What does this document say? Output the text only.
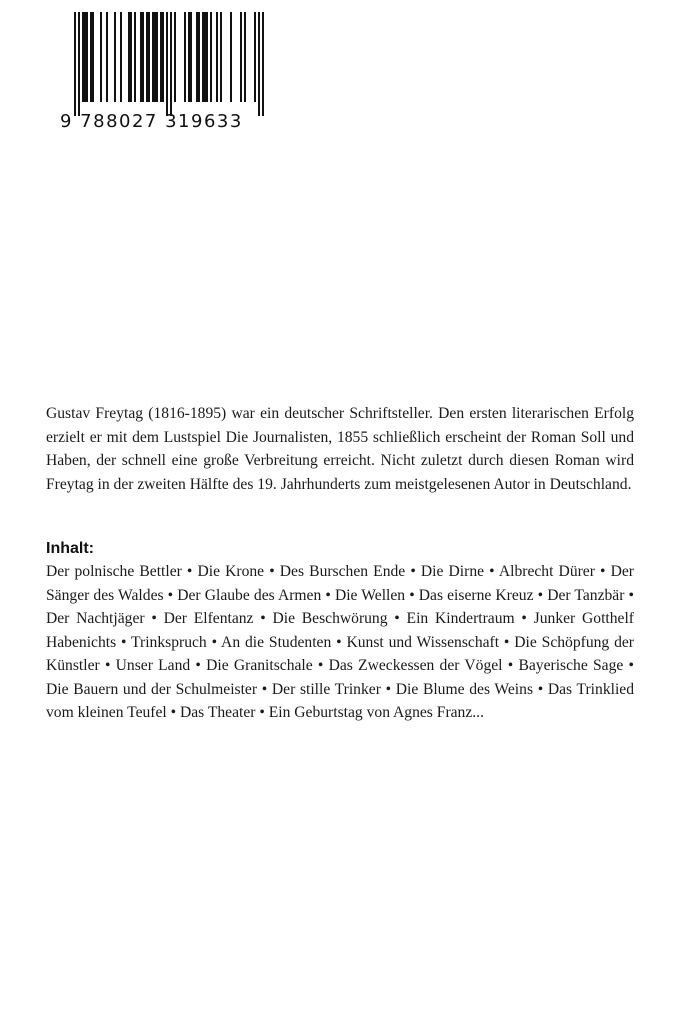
9 788027 319633

Gustav Freytag (1816-1895) war ein deutscher Schriftsteller. Den ersten literarischen Erfolg erzielt er mit dem Lustspiel Die Journalisten, 1855 schließlich erscheint der Roman Soll und Haben, der schnell eine große Verbreitung erreicht. Nicht zuletzt durch diesen Roman wird Freytag in der zweiten Hälfte des 19. Jahrhunderts zum meistgelesenen Autor in Deutschland.

Inhalt:

Der polnische Bettler • Die Krone • Des Burschen Ende • Die Dirne • Albrecht Dürer • Der Sänger des Waldes • Der Glaube des Armen • Die Wellen • Das eiserne Kreuz • Der Tanzbär • Der Nachtjäger • Der Elfentanz • Die Beschwörung • Ein Kindertraum • Junker Gotthelf Habenichts • Trinkspruch • An die Studenten • Kunst und Wissenschaft • Die Schöpfung der Künstler • Unser Land • Die Granitschale • Das Zweckessen der Vögel • Bayerische Sage • Die Bauern und der Schulmeister • Der stille Trinker • Die Blume des Weins • Das Trinklied vom kleinen Teufel • Das Theater • Ein Geburtstag von Agnes Franz...
